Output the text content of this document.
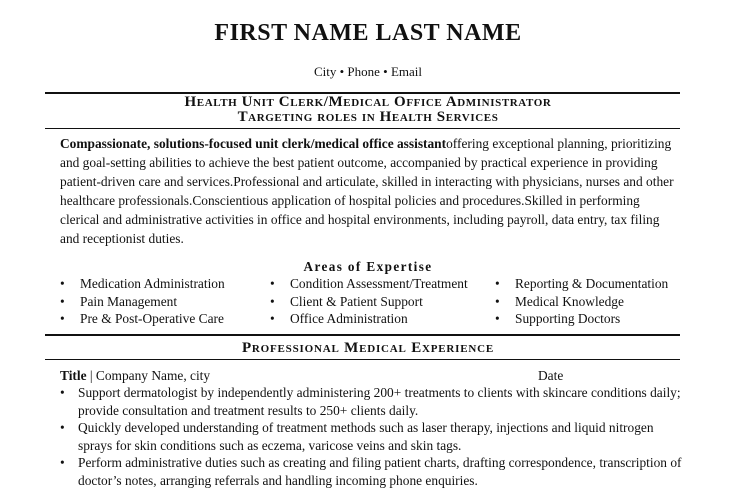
FIRST NAME LAST NAME
City • Phone • Email
Health Unit Clerk/Medical Office Administrator
Targeting roles in Health Services

Compassionate, solutions-focused unit clerk/medical office assistantoffering exceptional planning, prioritizing and goal-setting abilities to achieve the best patient outcome, accompanied by practical experience in providing patient-driven care and services.Professional and articulate, skilled in interacting with physicians, nurses and other healthcare professionals.Conscientious application of hospital policies and procedures.Skilled in performing clerical and administrative activities in office and hospital environments, including payroll, data entry, tax filing and receptionist duties.

Areas of Expertise
• Medication Administration
• Pain Management
• Pre & Post-Operative Care
• Condition Assessment/Treatment
• Client & Patient Support
• Office Administration
• Reporting & Documentation
• Medical Knowledge
• Supporting Doctors
Professional Medical Experience
Title | Company Name, city	Date
• Support dermatologist by independently administering 200+ treatments to clients with skincare conditions daily; provide consultation and treatment results to 250+ clients daily.
• Quickly developed understanding of treatment methods such as laser therapy, injections and liquid nitrogen sprays for skin conditions such as eczema, varicose veins and skin tags.
• Perform administrative duties such as creating and filing patient charts, drafting correspondence, transcription of doctor’s notes, arranging referrals and handling incoming phone enquiries.
